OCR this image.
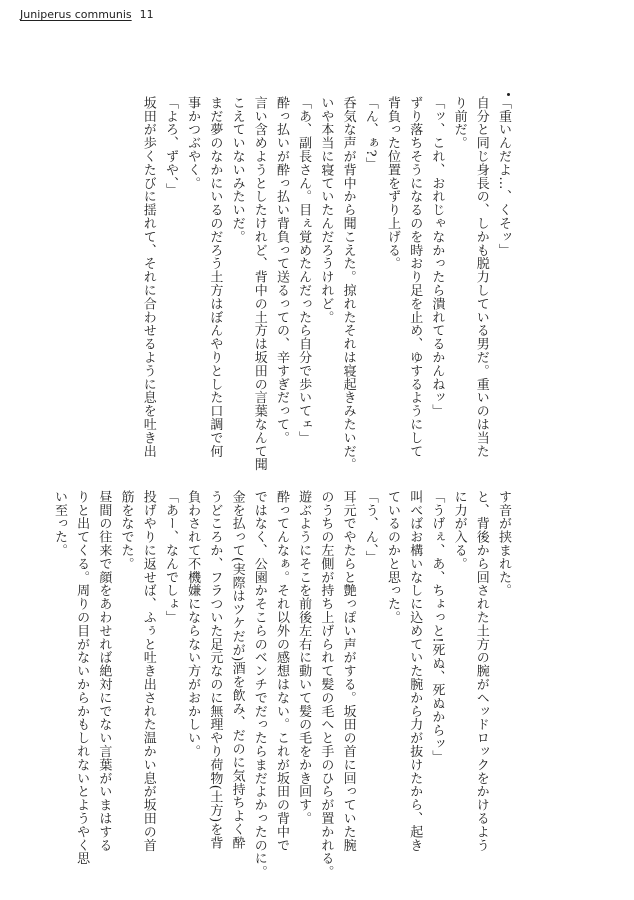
Juniperus communis 11

「重いんだよ…、くそッ」

自分と同じ身長の、しかも脱力している男だ。重いのは当た

り前だ。

「ッ、これ、おれじゃなかったら潰れてるかんねッ」

ずり落ちそうになるのを時おり足を止め、ゆするようにして

背負った位置をずり上げる。

「ん、ぁ?」

呑気な声が背中から聞こえた。掠れたそれは寝起きみたいだ。

いや本当に寝ていたんだろうけれど。

「あ、副長さん。目ぇ覚めたんだったら自分で歩いてェ」

酔っ払いが酔っ払い背負って送るっての、辛すぎだって。

言い含めようとしたけれど、背中の土方は坂田の言葉なんて聞

こえていないみたいだ。

まだ夢のなかにいるのだろう土方はぼんやりとした口調で何

事かつぶやく。

「よろ、ずや、」

坂田が歩くたびに揺れて、それに合わせるように息を吐き出

す音が挟まれた。

と、背後から回された土方の腕がヘッドロックをかけるよう

に力が入る。

「うげぇ、あ、ちょっと!死ぬ、死ぬからッ」

叫べばお構いなしに込めていた腕から力が抜けたから、起き

ているのかと思った。

「う、ん、」

耳元でやたらと艶っぽい声がする。坂田の首に回っていた腕

のうちの左側が持ち上げられて髪の毛へと手のひらが置かれる。

遊ぶようにそこを前後左右に動いて髪の毛をかき回す。

酔ってんなぁ。それ以外の感想はない。これが坂田の背中で

ではなく、公園かそこらのベンチでだったらまだよかったのに。

金を払って(実際はツケだが)酒を飲み、だのに気持ちよく酔

うどころか、フラついた足元なのに無理やり荷物(土方)を背

負わされて不機嫌にならない方がおかしい。

「あー、なんでしょ」

投げやりに返せば、ふぅと吐き出された温かい息が坂田の首

筋をなでた。

昼間の往来で顔をあわせれば絶対にでない言葉がいまはする

りと出てくる。周りの目がないからかもしれないとようやく思

い至った。
